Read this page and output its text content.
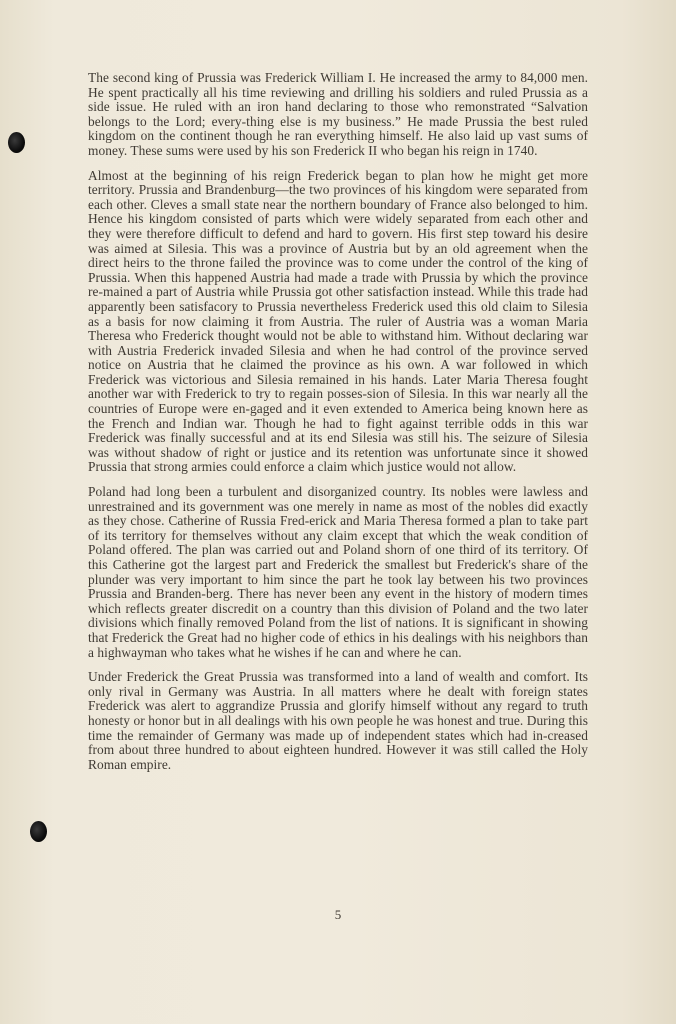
The second king of Prussia was Frederick William I. He increased the army to 84,000 men. He spent practically all his time reviewing and drilling his soldiers and ruled Prussia as a side issue. He ruled with an iron hand declaring to those who remonstrated “Salvation belongs to the Lord; every-thing else is my business.” He made Prussia the best ruled kingdom on the continent though he ran everything himself. He also laid up vast sums of money. These sums were used by his son Frederick II who began his reign in 1740.

Almost at the beginning of his reign Frederick began to plan how he might get more territory. Prussia and Brandenburg—the two provinces of his kingdom were separated from each other. Cleves a small state near the northern boundary of France also belonged to him. Hence his kingdom consisted of parts which were widely separated from each other and they were therefore difficult to defend and hard to govern. His first step toward his desire was aimed at Silesia. This was a province of Austria but by an old agreement when the direct heirs to the throne failed the province was to come under the control of the king of Prussia. When this happened Austria had made a trade with Prussia by which the province re-mained a part of Austria while Prussia got other satisfaction instead. While this trade had apparently been satisfacory to Prussia nevertheless Frederick used this old claim to Silesia as a basis for now claiming it from Austria. The ruler of Austria was a woman Maria Theresa who Frederick thought would not be able to withstand him. Without declaring war with Austria Frederick invaded Silesia and when he had control of the province served notice on Austria that he claimed the province as his own. A war followed in which Frederick was victorious and Silesia remained in his hands. Later Maria Theresa fought another war with Frederick to try to regain posses-sion of Silesia. In this war nearly all the countries of Europe were en-gaged and it even extended to America being known here as the French and Indian war. Though he had to fight against terrible odds in this war Frederick was finally successful and at its end Silesia was still his. The seizure of Silesia was without shadow of right or justice and its retention was unfortunate since it showed Prussia that strong armies could enforce a claim which justice would not allow.

Poland had long been a turbulent and disorganized country. Its nobles were lawless and unrestrained and its government was one merely in name as most of the nobles did exactly as they chose. Catherine of Russia Fred-erick and Maria Theresa formed a plan to take part of its territory for themselves without any claim except that which the weak condition of Poland offered. The plan was carried out and Poland shorn of one third of its territory. Of this Catherine got the largest part and Frederick the smallest but Frederick's share of the plunder was very important to him since the part he took lay between his two provinces Prussia and Branden-berg. There has never been any event in the history of modern times which reflects greater discredit on a country than this division of Poland and the two later divisions which finally removed Poland from the list of nations. It is significant in showing that Frederick the Great had no higher code of ethics in his dealings with his neighbors than a highwayman who takes what he wishes if he can and where he can.

Under Frederick the Great Prussia was transformed into a land of wealth and comfort. Its only rival in Germany was Austria. In all matters where he dealt with foreign states Frederick was alert to aggrandize Prussia and glorify himself without any regard to truth honesty or honor but in all dealings with his own people he was honest and true. During this time the remainder of Germany was made up of independent states which had in-creased from about three hundred to about eighteen hundred. However it was still called the Holy Roman empire.

5
